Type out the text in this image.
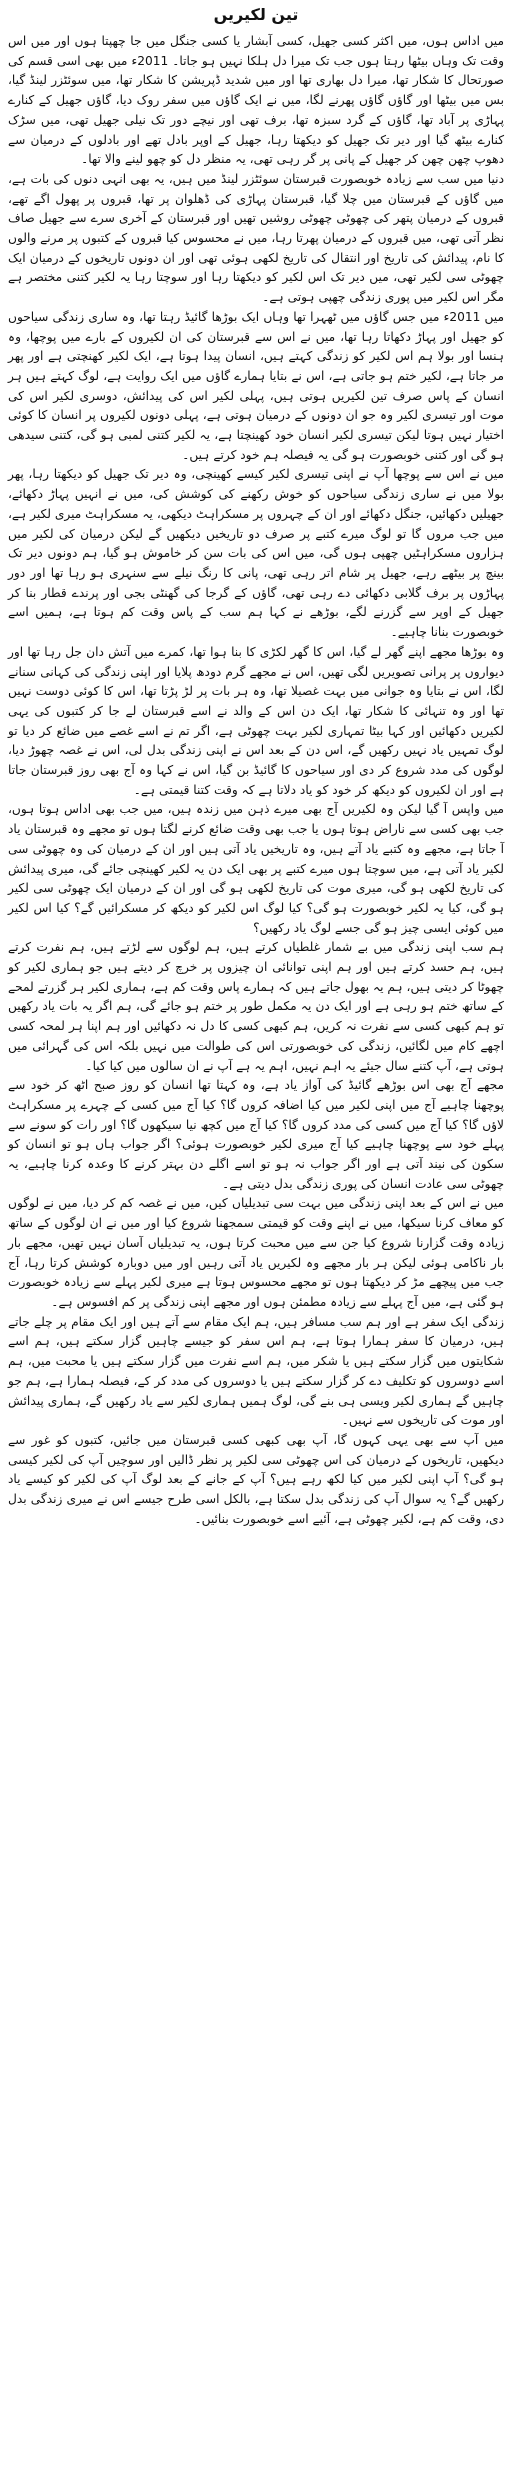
تین لکیریں

میں اداس ہوں، میں اکثر کسی جھیل، کسی آبشار یا کسی جنگل میں جا چھپتا ہوں اور میں اس وقت تک وہاں بیٹھا رہتا ہوں جب تک میرا دل ہلکا نہیں ہو جاتا۔ 2011ء میں بھی اسی قسم کی صورتحال کا شکار تھا، میرا دل بھاری تھا اور میں شدید ڈپریشن کا شکار تھا، میں سوئٹزر لینڈ گیا، بس میں بیٹھا اور گاؤں گاؤں پھرنے لگا، میں نے ایک گاؤں میں سفر روک دیا، گاؤں جھیل کے کنارے پہاڑی پر آباد تھا، گاؤں کے گرد سبزہ تھا، برف تھی اور نیچے دور تک نیلی جھیل تھی، میں سڑک کنارے بیٹھ گیا اور دیر تک جھیل کو دیکھتا رہا، جھیل کے اوپر بادل تھے اور بادلوں کے درمیان سے دھوپ چھن چھن کر جھیل کے پانی پر گر رہی تھی، یہ منظر دل کو چھو لینے والا تھا۔

دنیا میں سب سے زیادہ خوبصورت قبرستان سوئٹزر لینڈ میں ہیں، یہ بھی انہی دنوں کی بات ہے، میں گاؤں کے قبرستان میں چلا گیا، قبرستان پہاڑی کی ڈھلوان پر تھا، قبروں پر پھول اگے تھے، قبروں کے درمیان پتھر کی چھوٹی چھوٹی روشیں تھیں اور قبرستان کے آخری سرے سے جھیل صاف نظر آتی تھی، میں قبروں کے درمیان پھرتا رہا، میں نے محسوس کیا قبروں کے کتبوں پر مرنے والوں کا نام، پیدائش کی تاریخ اور انتقال کی تاریخ لکھی ہوئی تھی اور ان دونوں تاریخوں کے درمیان ایک چھوٹی سی لکیر تھی، میں دیر تک اس لکیر کو دیکھتا رہا اور سوچتا رہا یہ لکیر کتنی مختصر ہے مگر اس لکیر میں پوری زندگی چھپی ہوتی ہے۔

میں 2011ء میں جس گاؤں میں ٹھہرا تھا وہاں ایک بوڑھا گائیڈ رہتا تھا، وہ ساری زندگی سیاحوں کو جھیل اور پہاڑ دکھاتا رہا تھا، میں نے اس سے قبرستان کی ان لکیروں کے بارے میں پوچھا، وہ ہنسا اور بولا ہم اس لکیر کو زندگی کہتے ہیں، انسان پیدا ہوتا ہے، ایک لکیر کھنچتی ہے اور پھر مر جاتا ہے، لکیر ختم ہو جاتی ہے، اس نے بتایا ہمارے گاؤں میں ایک روایت ہے، لوگ کہتے ہیں ہر انسان کے پاس صرف تین لکیریں ہوتی ہیں، پہلی لکیر اس کی پیدائش، دوسری لکیر اس کی موت اور تیسری لکیر وہ جو ان دونوں کے درمیان ہوتی ہے، پہلی دونوں لکیروں پر انسان کا کوئی اختیار نہیں ہوتا لیکن تیسری لکیر انسان خود کھینچتا ہے، یہ لکیر کتنی لمبی ہو گی، کتنی سیدھی ہو گی اور کتنی خوبصورت ہو گی یہ فیصلہ ہم خود کرتے ہیں۔

میں نے اس سے پوچھا آپ نے اپنی تیسری لکیر کیسے کھینچی، وہ دیر تک جھیل کو دیکھتا رہا، پھر بولا میں نے ساری زندگی سیاحوں کو خوش رکھنے کی کوشش کی، میں نے انہیں پہاڑ دکھائے، جھیلیں دکھائیں، جنگل دکھائے اور ان کے چہروں پر مسکراہٹ دیکھی، یہ مسکراہٹ میری لکیر ہے، میں جب مروں گا تو لوگ میرے کتبے پر صرف دو تاریخیں دیکھیں گے لیکن درمیان کی لکیر میں ہزاروں مسکراہٹیں چھپی ہوں گی، میں اس کی بات سن کر خاموش ہو گیا، ہم دونوں دیر تک بینچ پر بیٹھے رہے، جھیل پر شام اتر رہی تھی، پانی کا رنگ نیلے سے سنہری ہو رہا تھا اور دور پہاڑوں پر برف گلابی دکھائی دے رہی تھی، گاؤں کے گرجا کی گھنٹی بجی اور پرندے قطار بنا کر جھیل کے اوپر سے گزرنے لگے، بوڑھے نے کہا ہم سب کے پاس وقت کم ہوتا ہے، ہمیں اسے خوبصورت بنانا چاہیے۔

وہ بوڑھا مجھے اپنے گھر لے گیا، اس کا گھر لکڑی کا بنا ہوا تھا، کمرے میں آتش دان جل رہا تھا اور دیواروں پر پرانی تصویریں لگی تھیں، اس نے مجھے گرم دودھ پلایا اور اپنی زندگی کی کہانی سنانے لگا، اس نے بتایا وہ جوانی میں بہت غصیلا تھا، وہ ہر بات پر لڑ پڑتا تھا، اس کا کوئی دوست نہیں تھا اور وہ تنہائی کا شکار تھا، ایک دن اس کے والد نے اسے قبرستان لے جا کر کتبوں کی یہی لکیریں دکھائیں اور کہا بیٹا تمہاری لکیر بہت چھوٹی ہے، اگر تم نے اسے غصے میں ضائع کر دیا تو لوگ تمہیں یاد نہیں رکھیں گے، اس دن کے بعد اس نے اپنی زندگی بدل لی، اس نے غصہ چھوڑ دیا، لوگوں کی مدد شروع کر دی اور سیاحوں کا گائیڈ بن گیا، اس نے کہا وہ آج بھی روز قبرستان جاتا ہے اور ان لکیروں کو دیکھ کر خود کو یاد دلاتا ہے کہ وقت کتنا قیمتی ہے۔

میں واپس آ گیا لیکن وہ لکیریں آج بھی میرے ذہن میں زندہ ہیں، میں جب بھی اداس ہوتا ہوں، جب بھی کسی سے ناراض ہوتا ہوں یا جب بھی وقت ضائع کرنے لگتا ہوں تو مجھے وہ قبرستان یاد آ جاتا ہے، مجھے وہ کتبے یاد آتے ہیں، وہ تاریخیں یاد آتی ہیں اور ان کے درمیان کی وہ چھوٹی سی لکیر یاد آتی ہے، میں سوچتا ہوں میرے کتبے پر بھی ایک دن یہ لکیر کھینچی جائے گی، میری پیدائش کی تاریخ لکھی ہو گی، میری موت کی تاریخ لکھی ہو گی اور ان کے درمیان ایک چھوٹی سی لکیر ہو گی، کیا یہ لکیر خوبصورت ہو گی؟ کیا لوگ اس لکیر کو دیکھ کر مسکرائیں گے؟ کیا اس لکیر میں کوئی ایسی چیز ہو گی جسے لوگ یاد رکھیں؟

ہم سب اپنی زندگی میں بے شمار غلطیاں کرتے ہیں، ہم لوگوں سے لڑتے ہیں، ہم نفرت کرتے ہیں، ہم حسد کرتے ہیں اور ہم اپنی توانائی ان چیزوں پر خرچ کر دیتے ہیں جو ہماری لکیر کو چھوٹا کر دیتی ہیں، ہم یہ بھول جاتے ہیں کہ ہمارے پاس وقت کم ہے، ہماری لکیر ہر گزرتے لمحے کے ساتھ ختم ہو رہی ہے اور ایک دن یہ مکمل طور پر ختم ہو جائے گی، ہم اگر یہ بات یاد رکھیں تو ہم کبھی کسی سے نفرت نہ کریں، ہم کبھی کسی کا دل نہ دکھائیں اور ہم اپنا ہر لمحہ کسی اچھے کام میں لگائیں، زندگی کی خوبصورتی اس کی طوالت میں نہیں بلکہ اس کی گہرائی میں ہوتی ہے، آپ کتنے سال جیئے یہ اہم نہیں، اہم یہ ہے آپ نے ان سالوں میں کیا کیا۔

مجھے آج بھی اس بوڑھے گائیڈ کی آواز یاد ہے، وہ کہتا تھا انسان کو روز صبح اٹھ کر خود سے پوچھنا چاہیے آج میں اپنی لکیر میں کیا اضافہ کروں گا؟ کیا آج میں کسی کے چہرے پر مسکراہٹ لاؤں گا؟ کیا آج میں کسی کی مدد کروں گا؟ کیا آج میں کچھ نیا سیکھوں گا؟ اور رات کو سونے سے پہلے خود سے پوچھنا چاہیے کیا آج میری لکیر خوبصورت ہوئی؟ اگر جواب ہاں ہو تو انسان کو سکون کی نیند آتی ہے اور اگر جواب نہ ہو تو اسے اگلے دن بہتر کرنے کا وعدہ کرنا چاہیے، یہ چھوٹی سی عادت انسان کی پوری زندگی بدل دیتی ہے۔

میں نے اس کے بعد اپنی زندگی میں بہت سی تبدیلیاں کیں، میں نے غصہ کم کر دیا، میں نے لوگوں کو معاف کرنا سیکھا، میں نے اپنے وقت کو قیمتی سمجھنا شروع کیا اور میں نے ان لوگوں کے ساتھ زیادہ وقت گزارنا شروع کیا جن سے میں محبت کرتا ہوں، یہ تبدیلیاں آسان نہیں تھیں، مجھے بار بار ناکامی ہوئی لیکن ہر بار مجھے وہ لکیریں یاد آتی رہیں اور میں دوبارہ کوشش کرتا رہا، آج جب میں پیچھے مڑ کر دیکھتا ہوں تو مجھے محسوس ہوتا ہے میری لکیر پہلے سے زیادہ خوبصورت ہو گئی ہے، میں آج پہلے سے زیادہ مطمئن ہوں اور مجھے اپنی زندگی پر کم افسوس ہے۔

زندگی ایک سفر ہے اور ہم سب مسافر ہیں، ہم ایک مقام سے آتے ہیں اور ایک مقام پر چلے جاتے ہیں، درمیان کا سفر ہمارا ہوتا ہے، ہم اس سفر کو جیسے چاہیں گزار سکتے ہیں، ہم اسے شکایتوں میں گزار سکتے ہیں یا شکر میں، ہم اسے نفرت میں گزار سکتے ہیں یا محبت میں، ہم اسے دوسروں کو تکلیف دے کر گزار سکتے ہیں یا دوسروں کی مدد کر کے، فیصلہ ہمارا ہے، ہم جو چاہیں گے ہماری لکیر ویسی ہی بنے گی، لوگ ہمیں ہماری لکیر سے یاد رکھیں گے، ہماری پیدائش اور موت کی تاریخوں سے نہیں۔

میں آپ سے بھی یہی کہوں گا، آپ بھی کبھی کسی قبرستان میں جائیں، کتبوں کو غور سے دیکھیں، تاریخوں کے درمیان کی اس چھوٹی سی لکیر پر نظر ڈالیں اور سوچیں آپ کی لکیر کیسی ہو گی؟ آپ اپنی لکیر میں کیا لکھ رہے ہیں؟ آپ کے جانے کے بعد لوگ آپ کی لکیر کو کیسے یاد رکھیں گے؟ یہ سوال آپ کی زندگی بدل سکتا ہے، بالکل اسی طرح جیسے اس نے میری زندگی بدل دی، وقت کم ہے، لکیر چھوٹی ہے، آئیے اسے خوبصورت بنائیں۔
